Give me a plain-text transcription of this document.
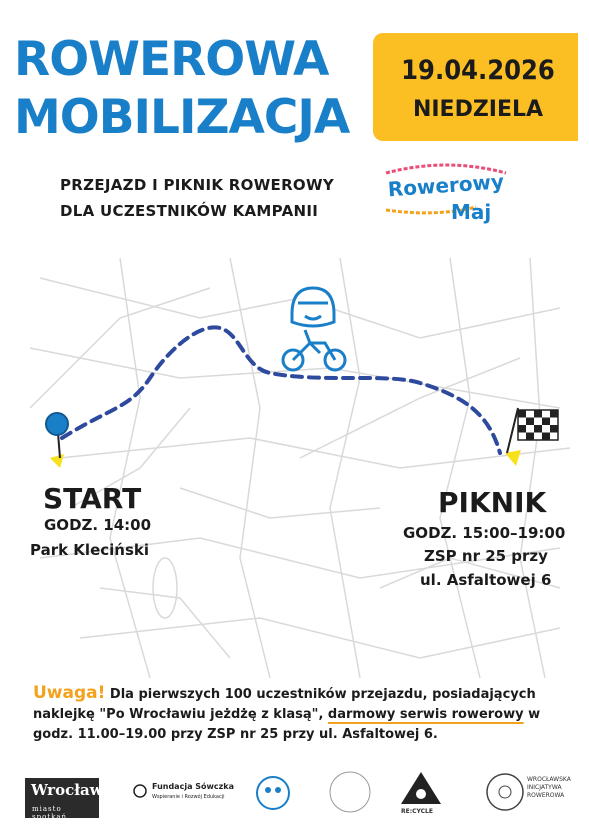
ROWEROWA
MOBILIZACJA
19.04.2026
NIEDZIELA
PRZEJAZD I PIKNIK ROWEROWY
DLA UCZESTNIKÓW KAMPANII
Rowerowy
Maj
START
GODZ. 14:00
Park Kleciński
PIKNIK
GODZ. 15:00–19:00
ZSP nr 25 przy
ul. Asfaltowej 6
Uwaga! Dla pierwszych 100 uczestników przejazdu, posiadających naklejkę "Po Wrocławiu jeżdżę z klasą", darmowy serwis rowerowy w godz. 11.00–19.00 przy ZSP nr 25 przy ul. Asfaltowej 6.
Wrocław
miasto spotkań
Fundacja Sówczka
Wspieranie i Rozwój Edukacji
RE:CYCLE
WROCŁAWSKA
INICJATYWA
ROWEROWA
